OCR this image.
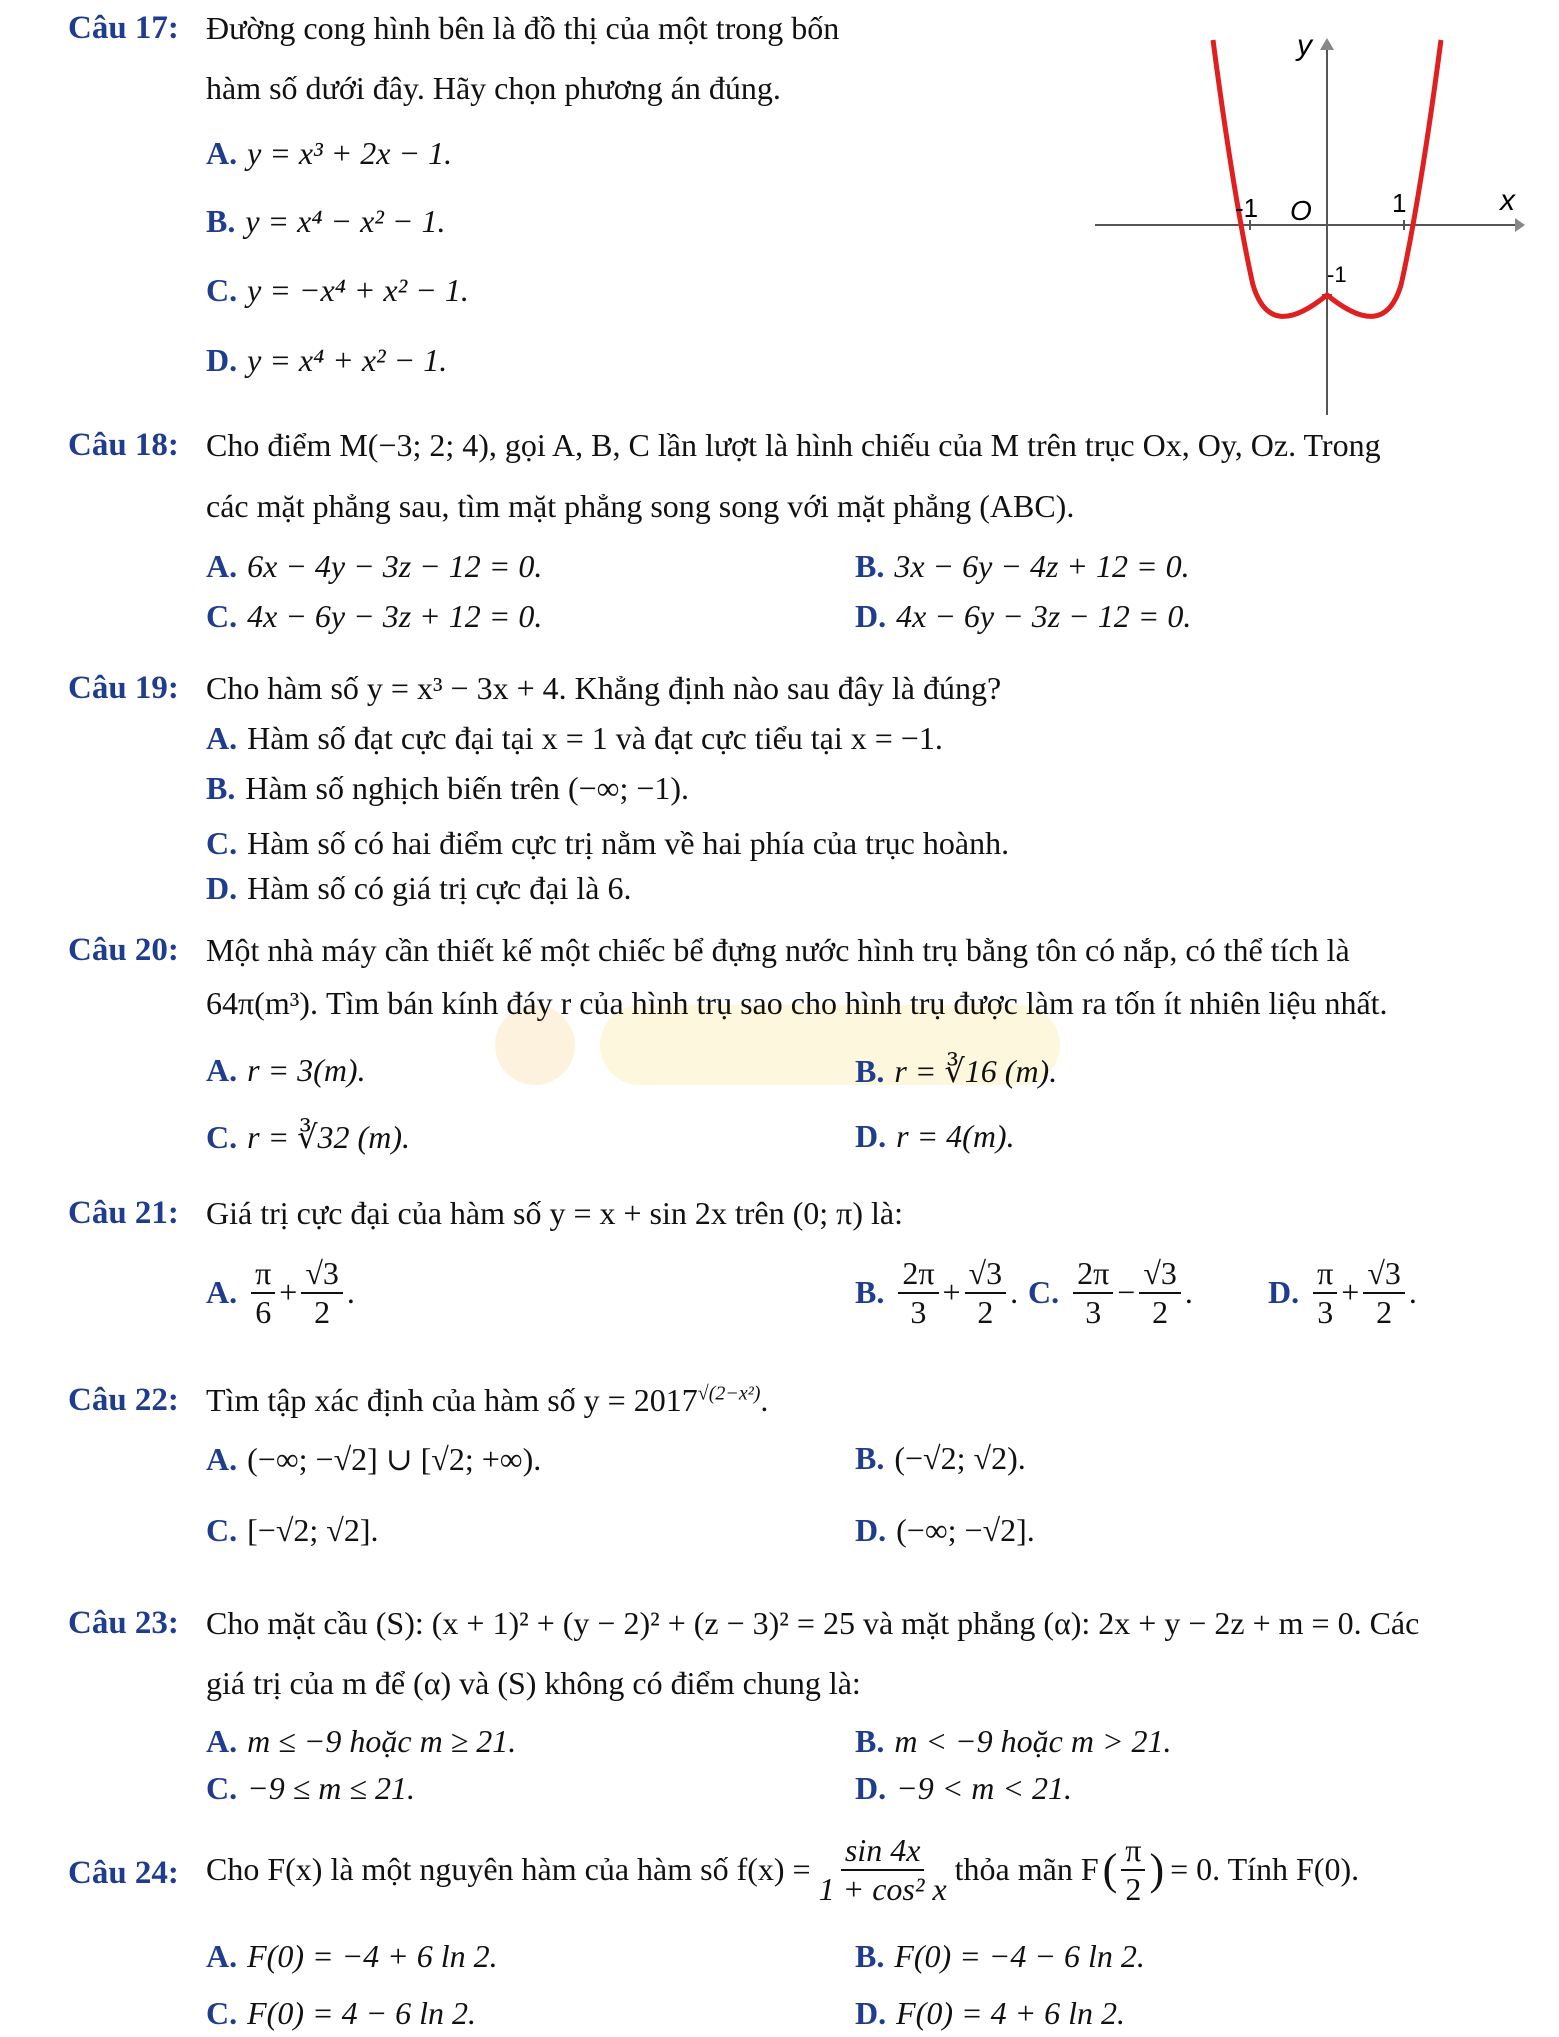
Câu 17: Đường cong hình bên là đồ thị của một trong bốn
hàm số dưới đây. Hãy chọn phương án đúng.
A. y = x³ + 2x − 1.
B. y = x⁴ − x² − 1.
C. y = −x⁴ + x² − 1.
D. y = x⁴ + x² − 1.
y
x
O
-1	1
-1
Câu 18: Cho điểm M(−3; 2; 4), gọi A, B, C lần lượt là hình chiếu của M trên trục Ox, Oy, Oz. Trong
các mặt phẳng sau, tìm mặt phẳng song song với mặt phẳng (ABC).
A. 6x − 4y − 3z − 12 = 0.	B. 3x − 6y − 4z + 12 = 0.
C. 4x − 6y − 3z + 12 = 0.	D. 4x − 6y − 3z − 12 = 0.
Câu 19: Cho hàm số y = x³ − 3x + 4. Khẳng định nào sau đây là đúng?
A. Hàm số đạt cực đại tại x = 1 và đạt cực tiểu tại x = −1.
B. Hàm số nghịch biến trên (−∞; −1).
C. Hàm số có hai điểm cực trị nằm về hai phía của trục hoành.
D. Hàm số có giá trị cực đại là 6.
Câu 20: Một nhà máy cần thiết kế một chiếc bể đựng nước hình trụ bằng tôn có nắp, có thể tích là
64π(m³). Tìm bán kính đáy r của hình trụ sao cho hình trụ được làm ra tốn ít nhiên liệu nhất.
A. r = 3(m).	B. r = ∛16 (m).
C. r = ∛32 (m).	D. r = 4(m).
Câu 21: Giá trị cực đại của hàm số y = x + sin 2x trên (0; π) là:
A. $\frac{\pi}{6} + \frac{√3}{2}$ .	B. $\frac{2\pi}{3} + \frac{√3}{2}$ . C. $\frac{2\pi}{3} - \frac{√3}{2}$ . D. $\frac{\pi}{3} + \frac{√3}{2}$ .
Câu 22: Tìm tập xác định của hàm số $y = 2017^{√(2-x^2)}$.
A. (−∞; −√2] ∪ [√2; +∞).	B. (−√2; √2).
C. [−√2; √2].	D. (−∞; −√2].
Câu 23: Cho mặt cầu (S): (x + 1)² + (y − 2)² + (z − 3)² = 25 và mặt phẳng (α): 2x + y − 2z + m = 0. Các
giá trị của m để (α) và (S) không có điểm chung là:
A. m ≤ −9 hoặc m ≥ 21.	B. m < −9 hoặc m > 21.
C. −9 ≤ m ≤ 21.	D. −9 < m < 21.
Câu 24: Cho F(x) là một nguyên hàm của hàm số $f(x) = \frac{\sin 4x}{\text{1 + cos² x}}$ thỏa mãn F ( $\frac{\pi}{2}$ ) = 0. Tính F(0).
A. F(0) = −4 + 6 ln 2.	B. F(0) = −4 − 6 ln 2.
C. F(0) = 4 − 6 ln 2.	D. F(0) = 4 + 6 ln 2.
